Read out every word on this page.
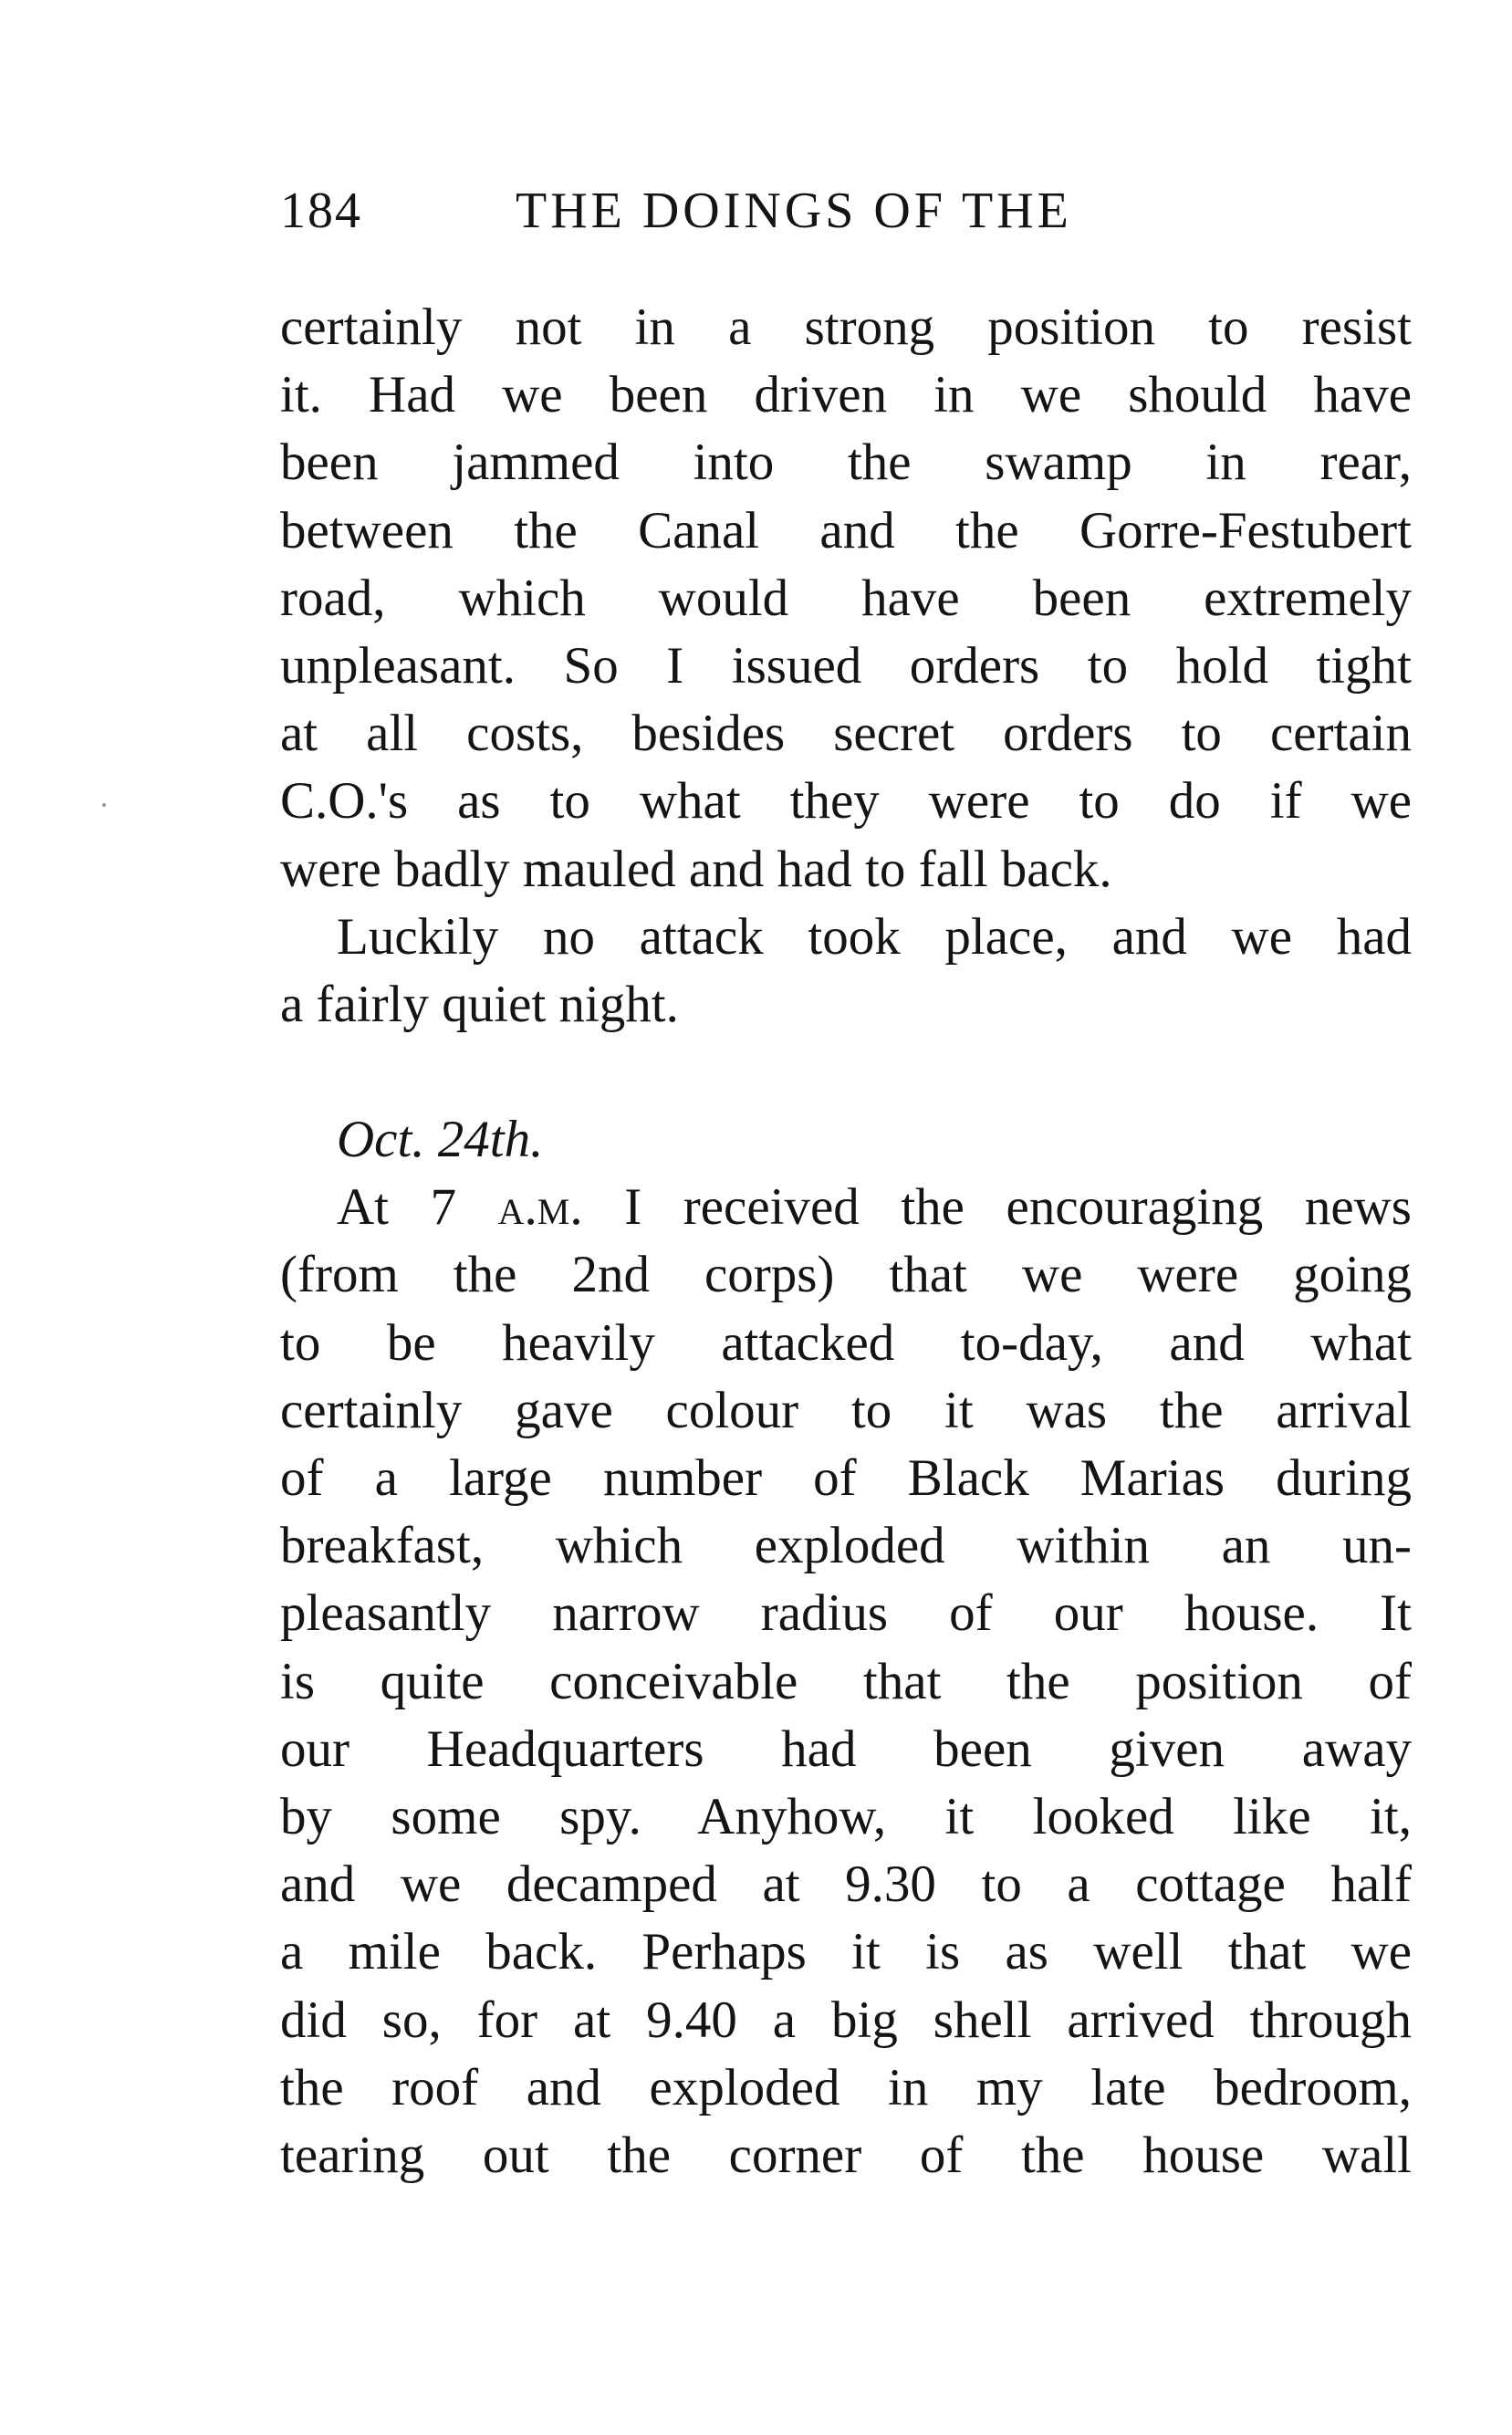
184	THE DOINGS OF THE
certainly not in a strong position to resist
it. Had we been driven in we should have
been jammed into the swamp in rear,
between the Canal and the Gorre-Festubert
road, which would have been extremely
unpleasant. So I issued orders to hold tight
at all costs, besides secret orders to certain
C.O.'s as to what they were to do if we
were badly mauled and had to fall back.
Luckily no attack took place, and we had
a fairly quiet night.
Oct. 24th.
At 7 a.m. I received the encouraging news
(from the 2nd corps) that we were going
to be heavily attacked to-day, and what
certainly gave colour to it was the arrival
of a large number of Black Marias during
breakfast, which exploded within an un-
pleasantly narrow radius of our house. It
is quite conceivable that the position of
our Headquarters had been given away
by some spy. Anyhow, it looked like it,
and we decamped at 9.30 to a cottage half
a mile back. Perhaps it is as well that we
did so, for at 9.40 a big shell arrived through
the roof and exploded in my late bedroom,
tearing out the corner of the house wall
